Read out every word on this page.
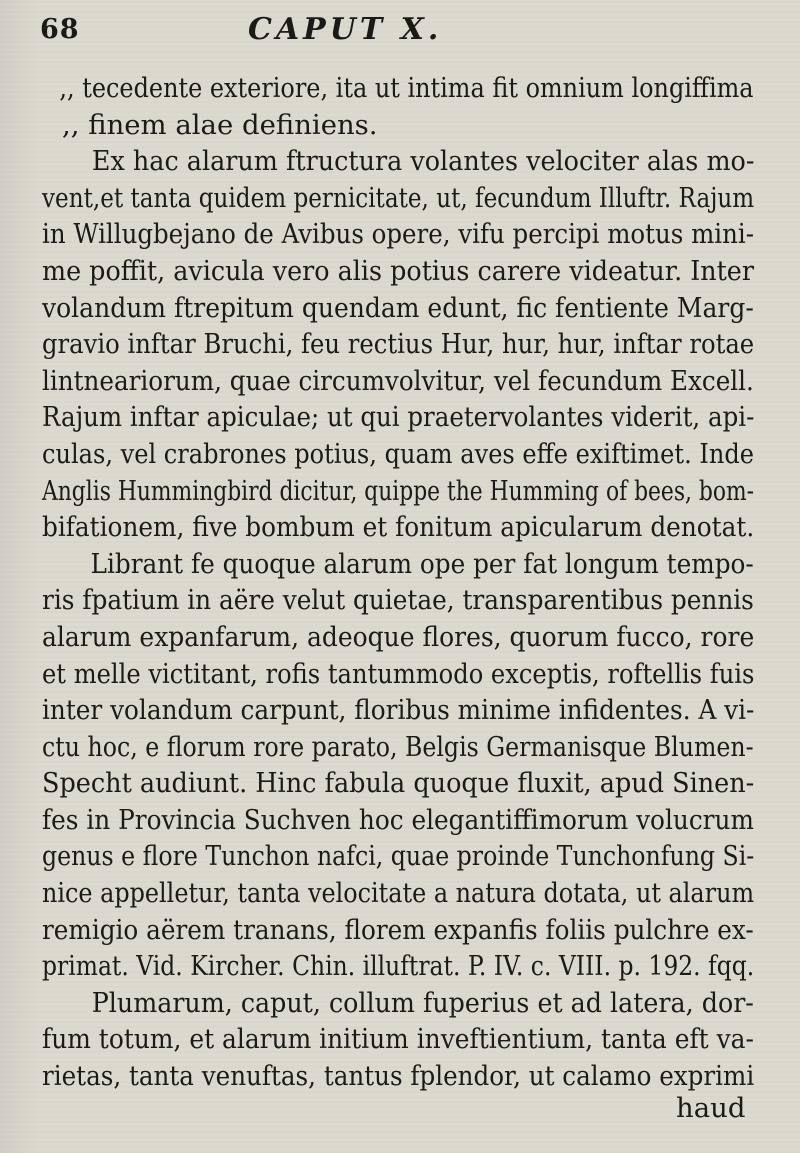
68	CAPUT X.
,, tecedente exteriore, ita ut intima fit omnium longiffima
,, finem alae definiens.
Ex hac alarum ftructura volantes velociter alas mo-
vent,et tanta quidem pernicitate, ut, fecundum Illuftr. Rajum
in Willugbejano de Avibus opere, vifu percipi motus mini-
me poffit, avicula vero alis potius carere videatur. Inter
volandum ftrepitum quendam edunt, fic fentiente Marg-
gravio inftar Bruchi, feu rectius Hur, hur, hur, inftar rotae
lintneariorum, quae circumvolvitur, vel fecundum Excell.
Rajum inftar apiculae; ut qui praetervolantes viderit, api-
culas, vel crabrones potius, quam aves effe exiftimet. Inde
Anglis Hummingbird dicitur, quippe the Humming of bees, bom-
bifationem, five bombum et fonitum apicularum denotat.
Librant fe quoque alarum ope per fat longum tempo-
ris fpatium in aëre velut quietae, transparentibus pennis
alarum expanfarum, adeoque flores, quorum fucco, rore
et melle victitant, rofis tantummodo exceptis, roftellis fuis
inter volandum carpunt, floribus minime infidentes. A vi-
ctu hoc, e florum rore parato, Belgis Germanisque Blumen-
Specht audiunt. Hinc fabula quoque fluxit, apud Sinen-
fes in Provincia Suchven hoc elegantiffimorum volucrum
genus e flore Tunchon nafci, quae proinde Tunchonfung Si-
nice appelletur, tanta velocitate a natura dotata, ut alarum
remigio aërem tranans, florem expanfis foliis pulchre ex-
primat. Vid. Kircher. Chin. illuftrat. P. IV. c. VIII. p. 192. fqq.
Plumarum, caput, collum fuperius et ad latera, dor-
fum totum, et alarum initium inveftientium, tanta eft va-
rietas, tanta venuftas, tantus fplendor, ut calamo exprimi
haud
